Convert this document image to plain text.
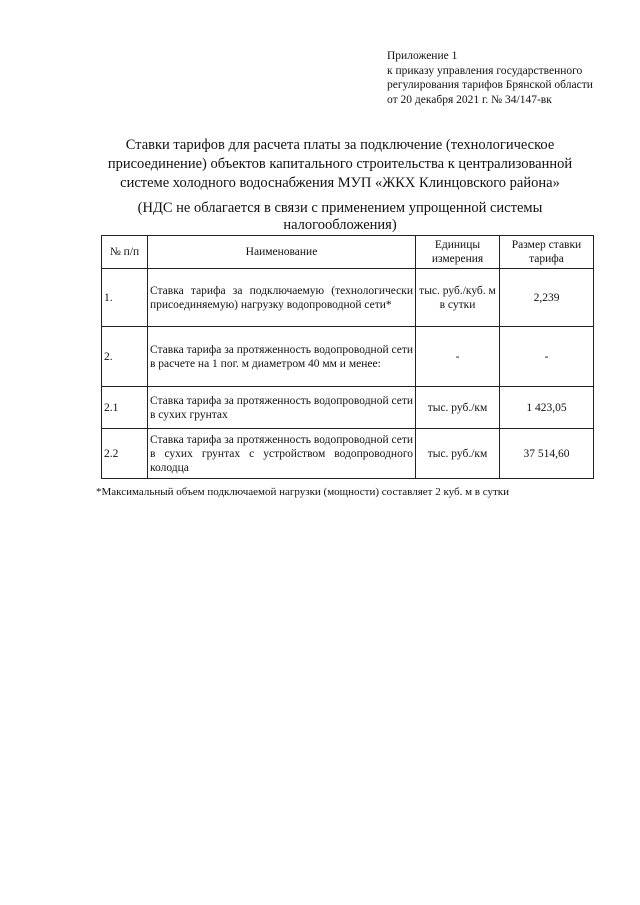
Приложение 1
к приказу управления государственного
регулирования тарифов Брянской области
от 20 декабря 2021 г. № 34/147-вк
Ставки тарифов для расчета платы за подключение (технологическое
присоединение) объектов капитального строительства к централизованной
системе холодного водоснабжения МУП «ЖКХ Клинцовского района»
(НДС не облагается в связи с применением упрощенной системы
налогообложения)
№ п/п	Наименование	Единицы измерения	Размер ставки тарифа
1.	Ставка тарифа за подключаемую (технологически присоединяемую) нагрузку водопроводной сети*	тыс. руб./куб. м в сутки	2,239
2.	Ставка тарифа за протяженность водопроводной сети в расчете на 1 пог. м диаметром 40 мм и менее:	-	-
2.1	Ставка тарифа за протяженность водопроводной сети в сухих грунтах	тыс. руб./км	1 423,05
2.2	Ставка тарифа за протяженность водопроводной сети в сухих грунтах с устройством водопроводного колодца	тыс. руб./км	37 514,60
*Максимальный объем подключаемой нагрузки (мощности) составляет 2 куб. м в сутки
